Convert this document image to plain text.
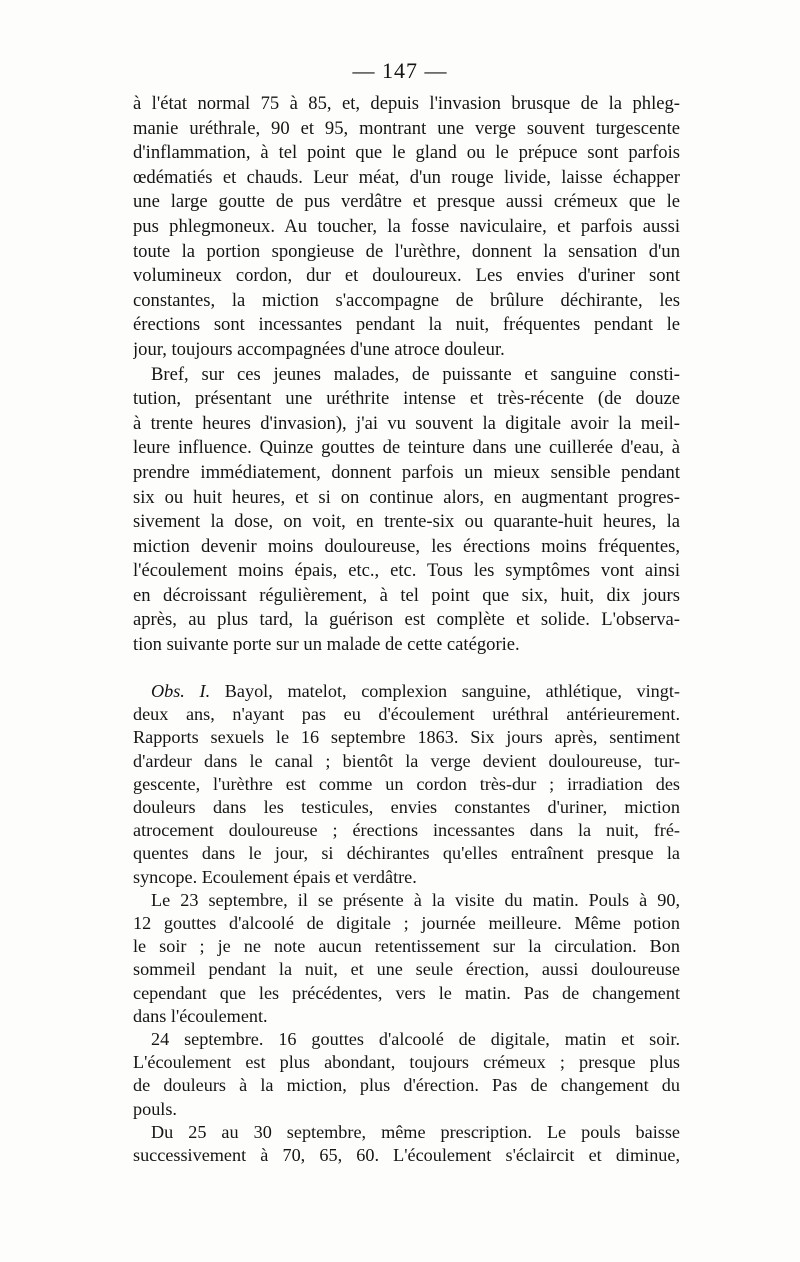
— 147 —
à l'état normal 75 à 85, et, depuis l'invasion brusque de la phleg-
manie uréthrale, 90 et 95, montrant une verge souvent turgescente
d'inflammation, à tel point que le gland ou le prépuce sont parfois
œdématiés et chauds. Leur méat, d'un rouge livide, laisse échapper
une large goutte de pus verdâtre et presque aussi crémeux que le
pus phlegmoneux. Au toucher, la fosse naviculaire, et parfois aussi
toute la portion spongieuse de l'urèthre, donnent la sensation d'un
volumineux cordon, dur et douloureux. Les envies d'uriner sont
constantes, la miction s'accompagne de brûlure déchirante, les
érections sont incessantes pendant la nuit, fréquentes pendant le
jour, toujours accompagnées d'une atroce douleur.
Bref, sur ces jeunes malades, de puissante et sanguine consti-
tution, présentant une uréthrite intense et très-récente (de douze
à trente heures d'invasion), j'ai vu souvent la digitale avoir la meil-
leure influence. Quinze gouttes de teinture dans une cuillerée d'eau, à
prendre immédiatement, donnent parfois un mieux sensible pendant
six ou huit heures, et si on continue alors, en augmentant progres-
sivement la dose, on voit, en trente-six ou quarante-huit heures, la
miction devenir moins douloureuse, les érections moins fréquentes,
l'écoulement moins épais, etc., etc. Tous les symptômes vont ainsi
en décroissant régulièrement, à tel point que six, huit, dix jours
après, au plus tard, la guérison est complète et solide. L'observa-
tion suivante porte sur un malade de cette catégorie.
Obs. I. Bayol, matelot, complexion sanguine, athlétique, vingt-
deux ans, n'ayant pas eu d'écoulement uréthral antérieurement.
Rapports sexuels le 16 septembre 1863. Six jours après, sentiment
d'ardeur dans le canal ; bientôt la verge devient douloureuse, tur-
gescente, l'urèthre est comme un cordon très-dur ; irradiation des
douleurs dans les testicules, envies constantes d'uriner, miction
atrocement douloureuse ; érections incessantes dans la nuit, fré-
quentes dans le jour, si déchirantes qu'elles entraînent presque la
syncope. Ecoulement épais et verdâtre.
Le 23 septembre, il se présente à la visite du matin. Pouls à 90,
12 gouttes d'alcoolé de digitale ; journée meilleure. Même potion
le soir ; je ne note aucun retentissement sur la circulation. Bon
sommeil pendant la nuit, et une seule érection, aussi douloureuse
cependant que les précédentes, vers le matin. Pas de changement
dans l'écoulement.
24 septembre. 16 gouttes d'alcoolé de digitale, matin et soir.
L'écoulement est plus abondant, toujours crémeux ; presque plus
de douleurs à la miction, plus d'érection. Pas de changement du
pouls.
Du 25 au 30 septembre, même prescription. Le pouls baisse
successivement à 70, 65, 60. L'écoulement s'éclaircit et diminue,
